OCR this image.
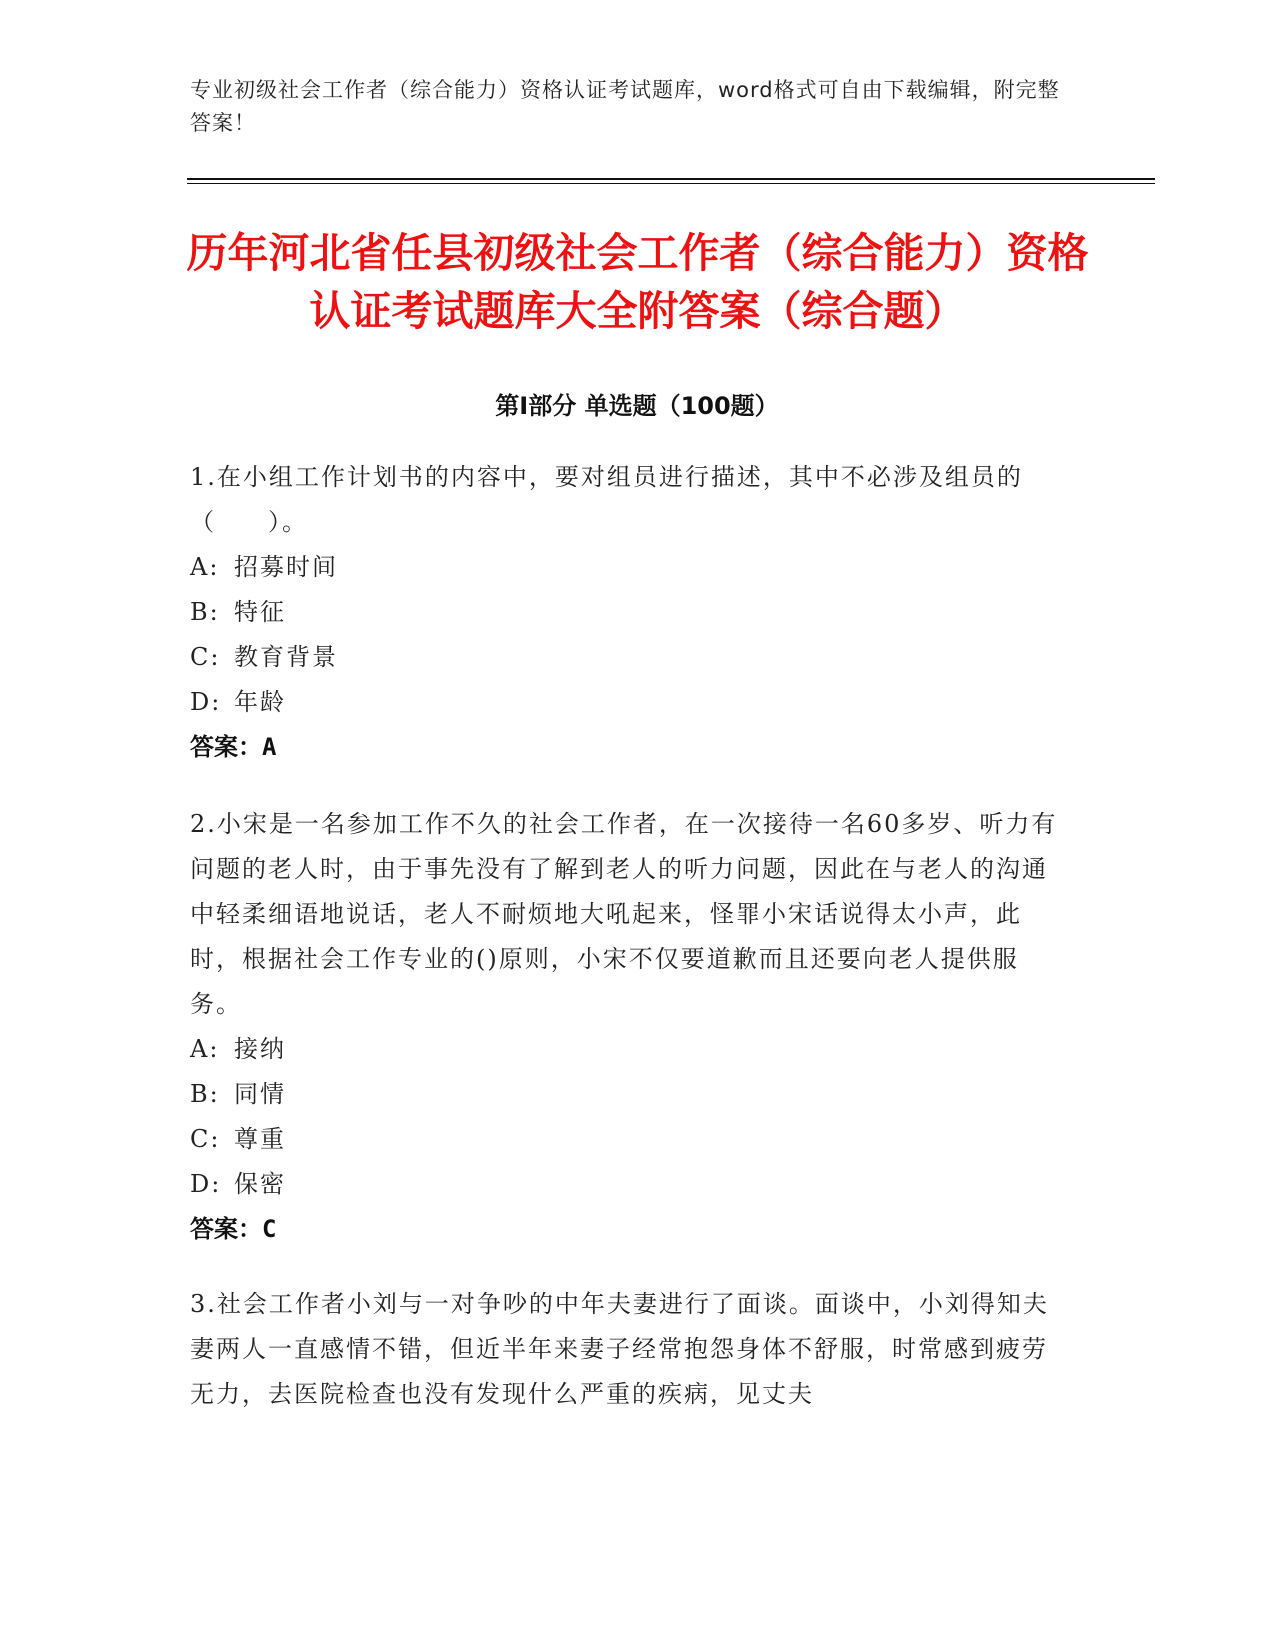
专业初级社会工作者（综合能力）资格认证考试题库，word格式可自由下载编辑，附完整答案！
历年河北省任县初级社会工作者（综合能力）资格认证考试题库大全附答案（综合题）
第I部分 单选题（100题）

1.在小组工作计划书的内容中，要对组员进行描述，其中不必涉及组员的（　　）。

A: 招募时间

B: 特征

C: 教育背景

D: 年龄

答案：A

2.小宋是一名参加工作不久的社会工作者，在一次接待一名60多岁、听力有问题的老人时，由于事先没有了解到老人的听力问题，因此在与老人的沟通中轻柔细语地说话，老人不耐烦地大吼起来，怪罪小宋话说得太小声，此时，根据社会工作专业的()原则，小宋不仅要道歉而且还要向老人提供服务。

A: 接纳

B: 同情

C: 尊重

D: 保密

答案：C

3.社会工作者小刘与一对争吵的中年夫妻进行了面谈。面谈中，小刘得知夫妻两人一直感情不错，但近半年来妻子经常抱怨身体不舒服，时常感到疲劳无力，去医院检查也没有发现什么严重的疾病，见丈夫
